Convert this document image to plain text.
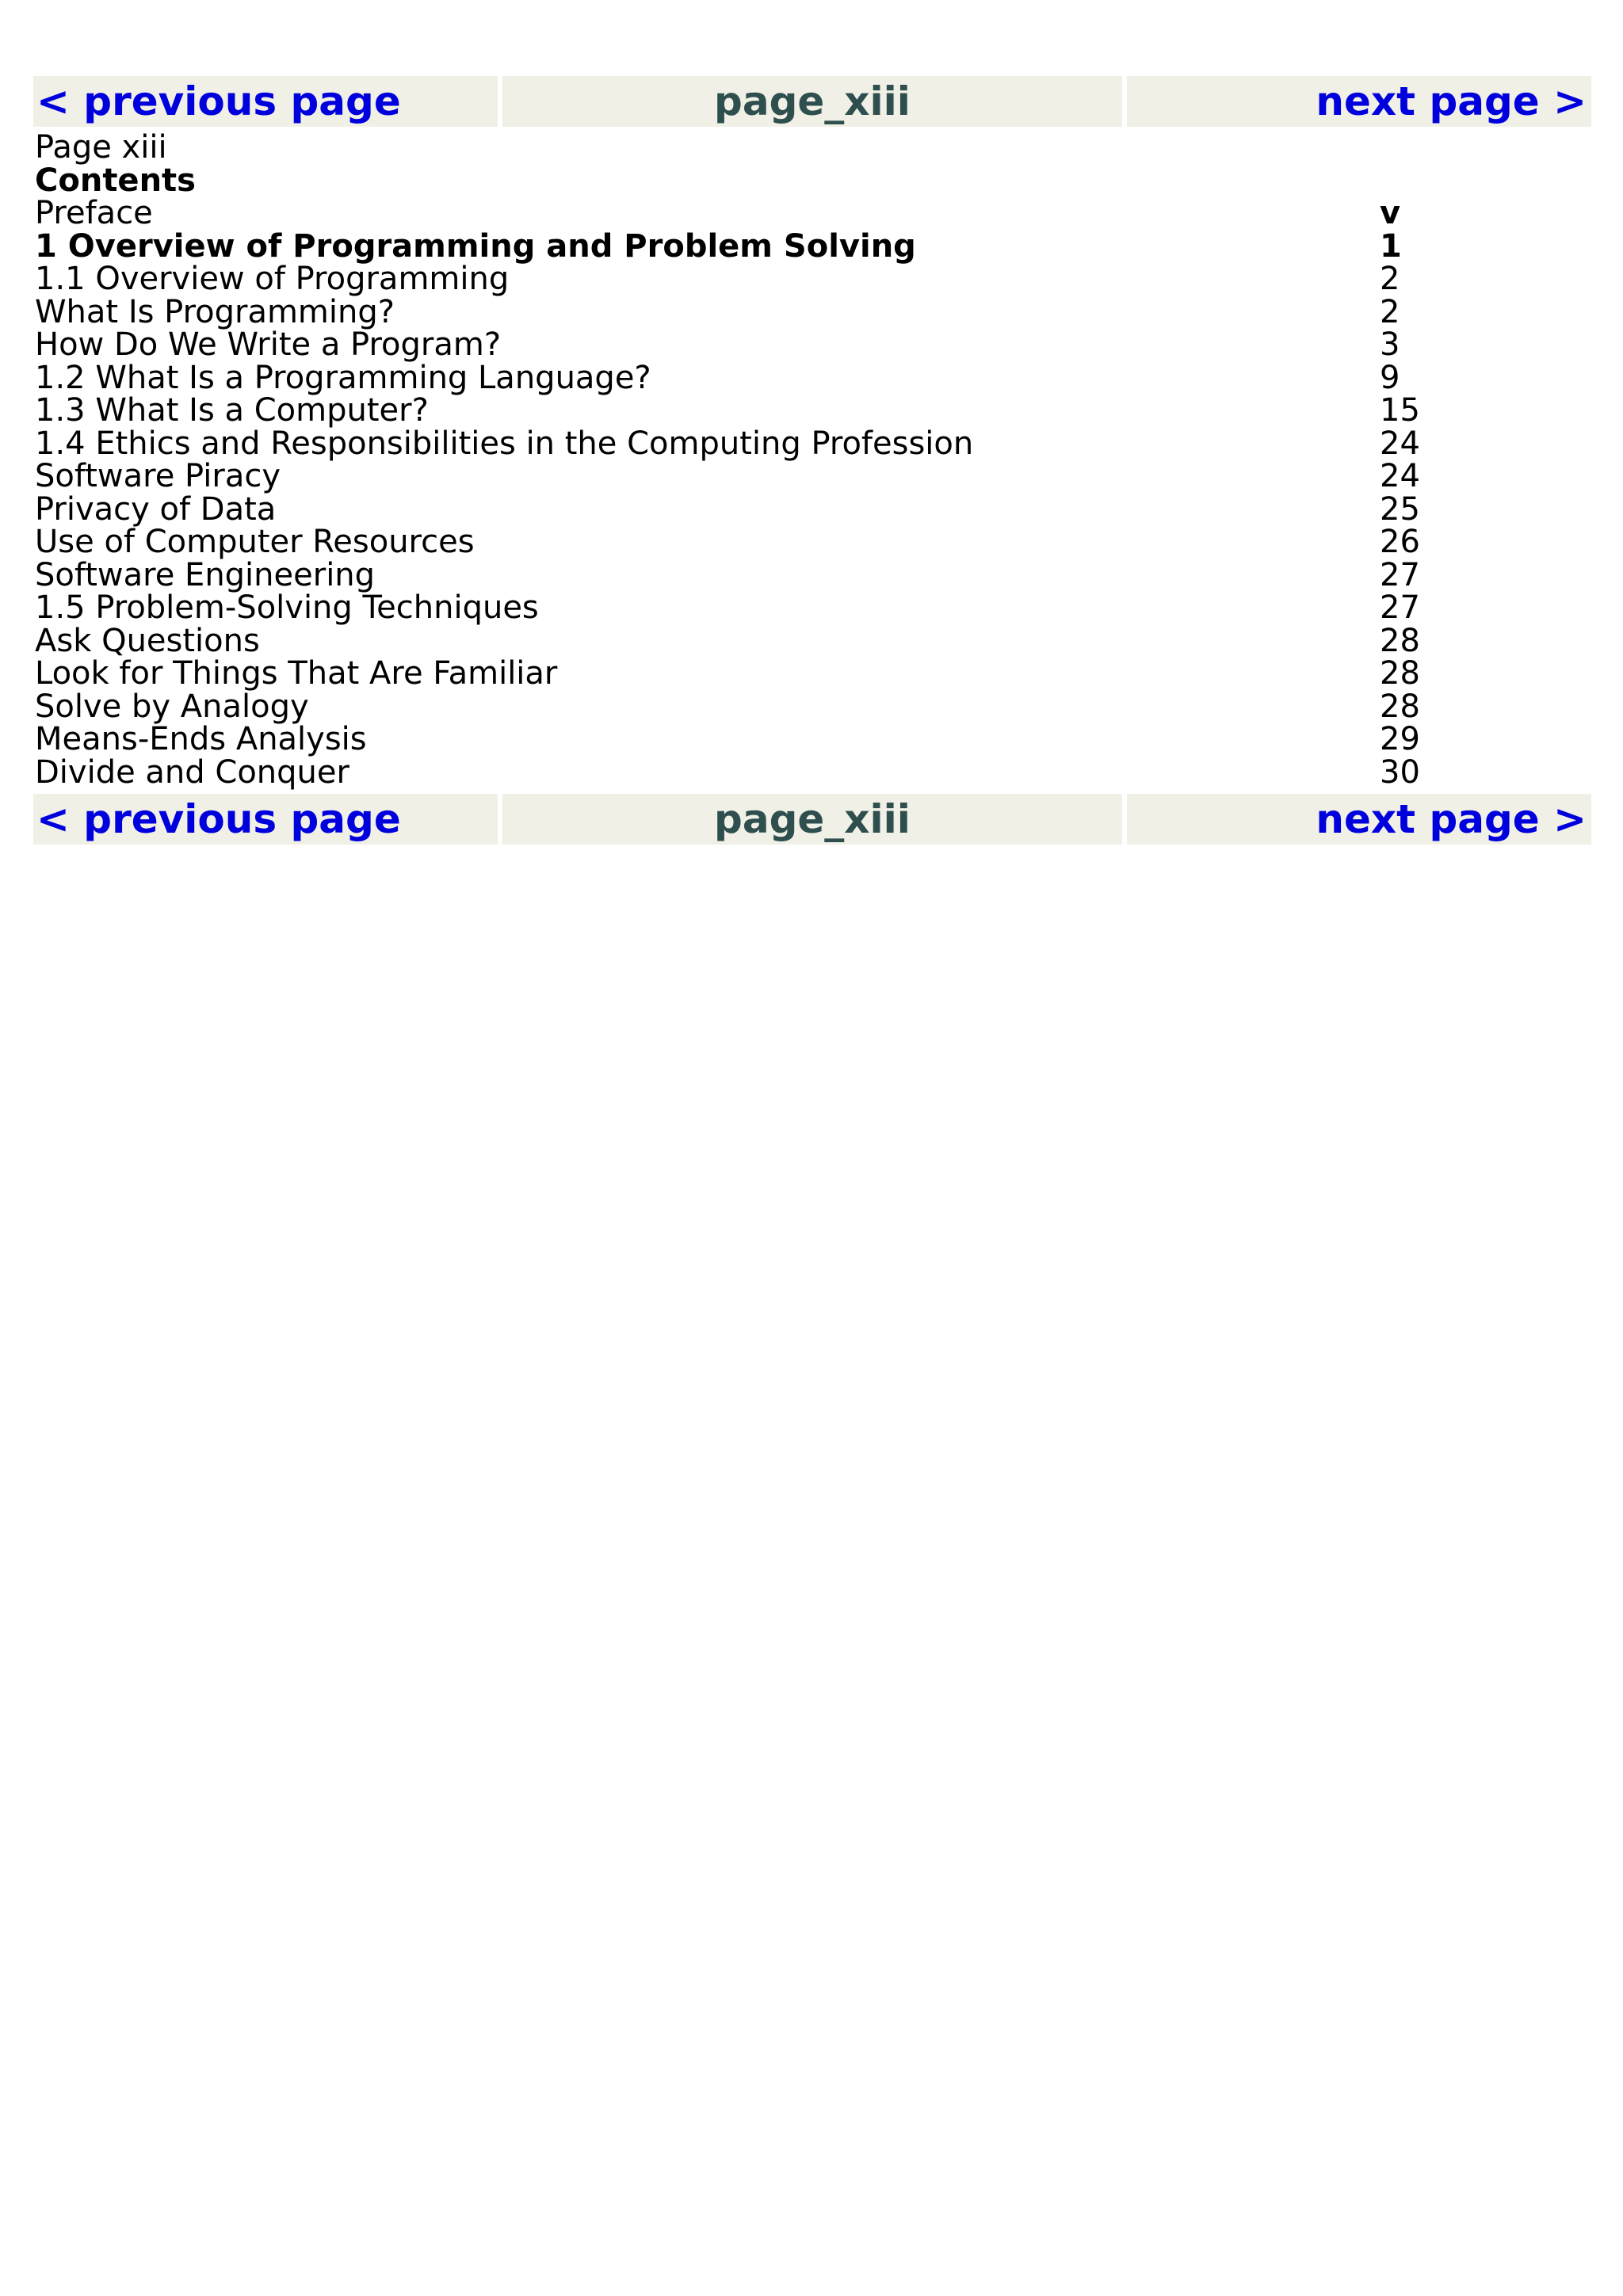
< previous page	page_xiii	next page >
Page xiii
Contents
Preface	v
1 Overview of Programming and Problem Solving	1
1.1 Overview of Programming	2
What Is Programming?	2
How Do We Write a Program?	3
1.2 What Is a Programming Language?	9
1.3 What Is a Computer?	15
1.4 Ethics and Responsibilities in the Computing Profession	24
Software Piracy	24
Privacy of Data	25
Use of Computer Resources	26
Software Engineering	27
1.5 Problem-Solving Techniques	27
Ask Questions	28
Look for Things That Are Familiar	28
Solve by Analogy	28
Means-Ends Analysis	29
Divide and Conquer	30
< previous page	page_xiii	next page >
